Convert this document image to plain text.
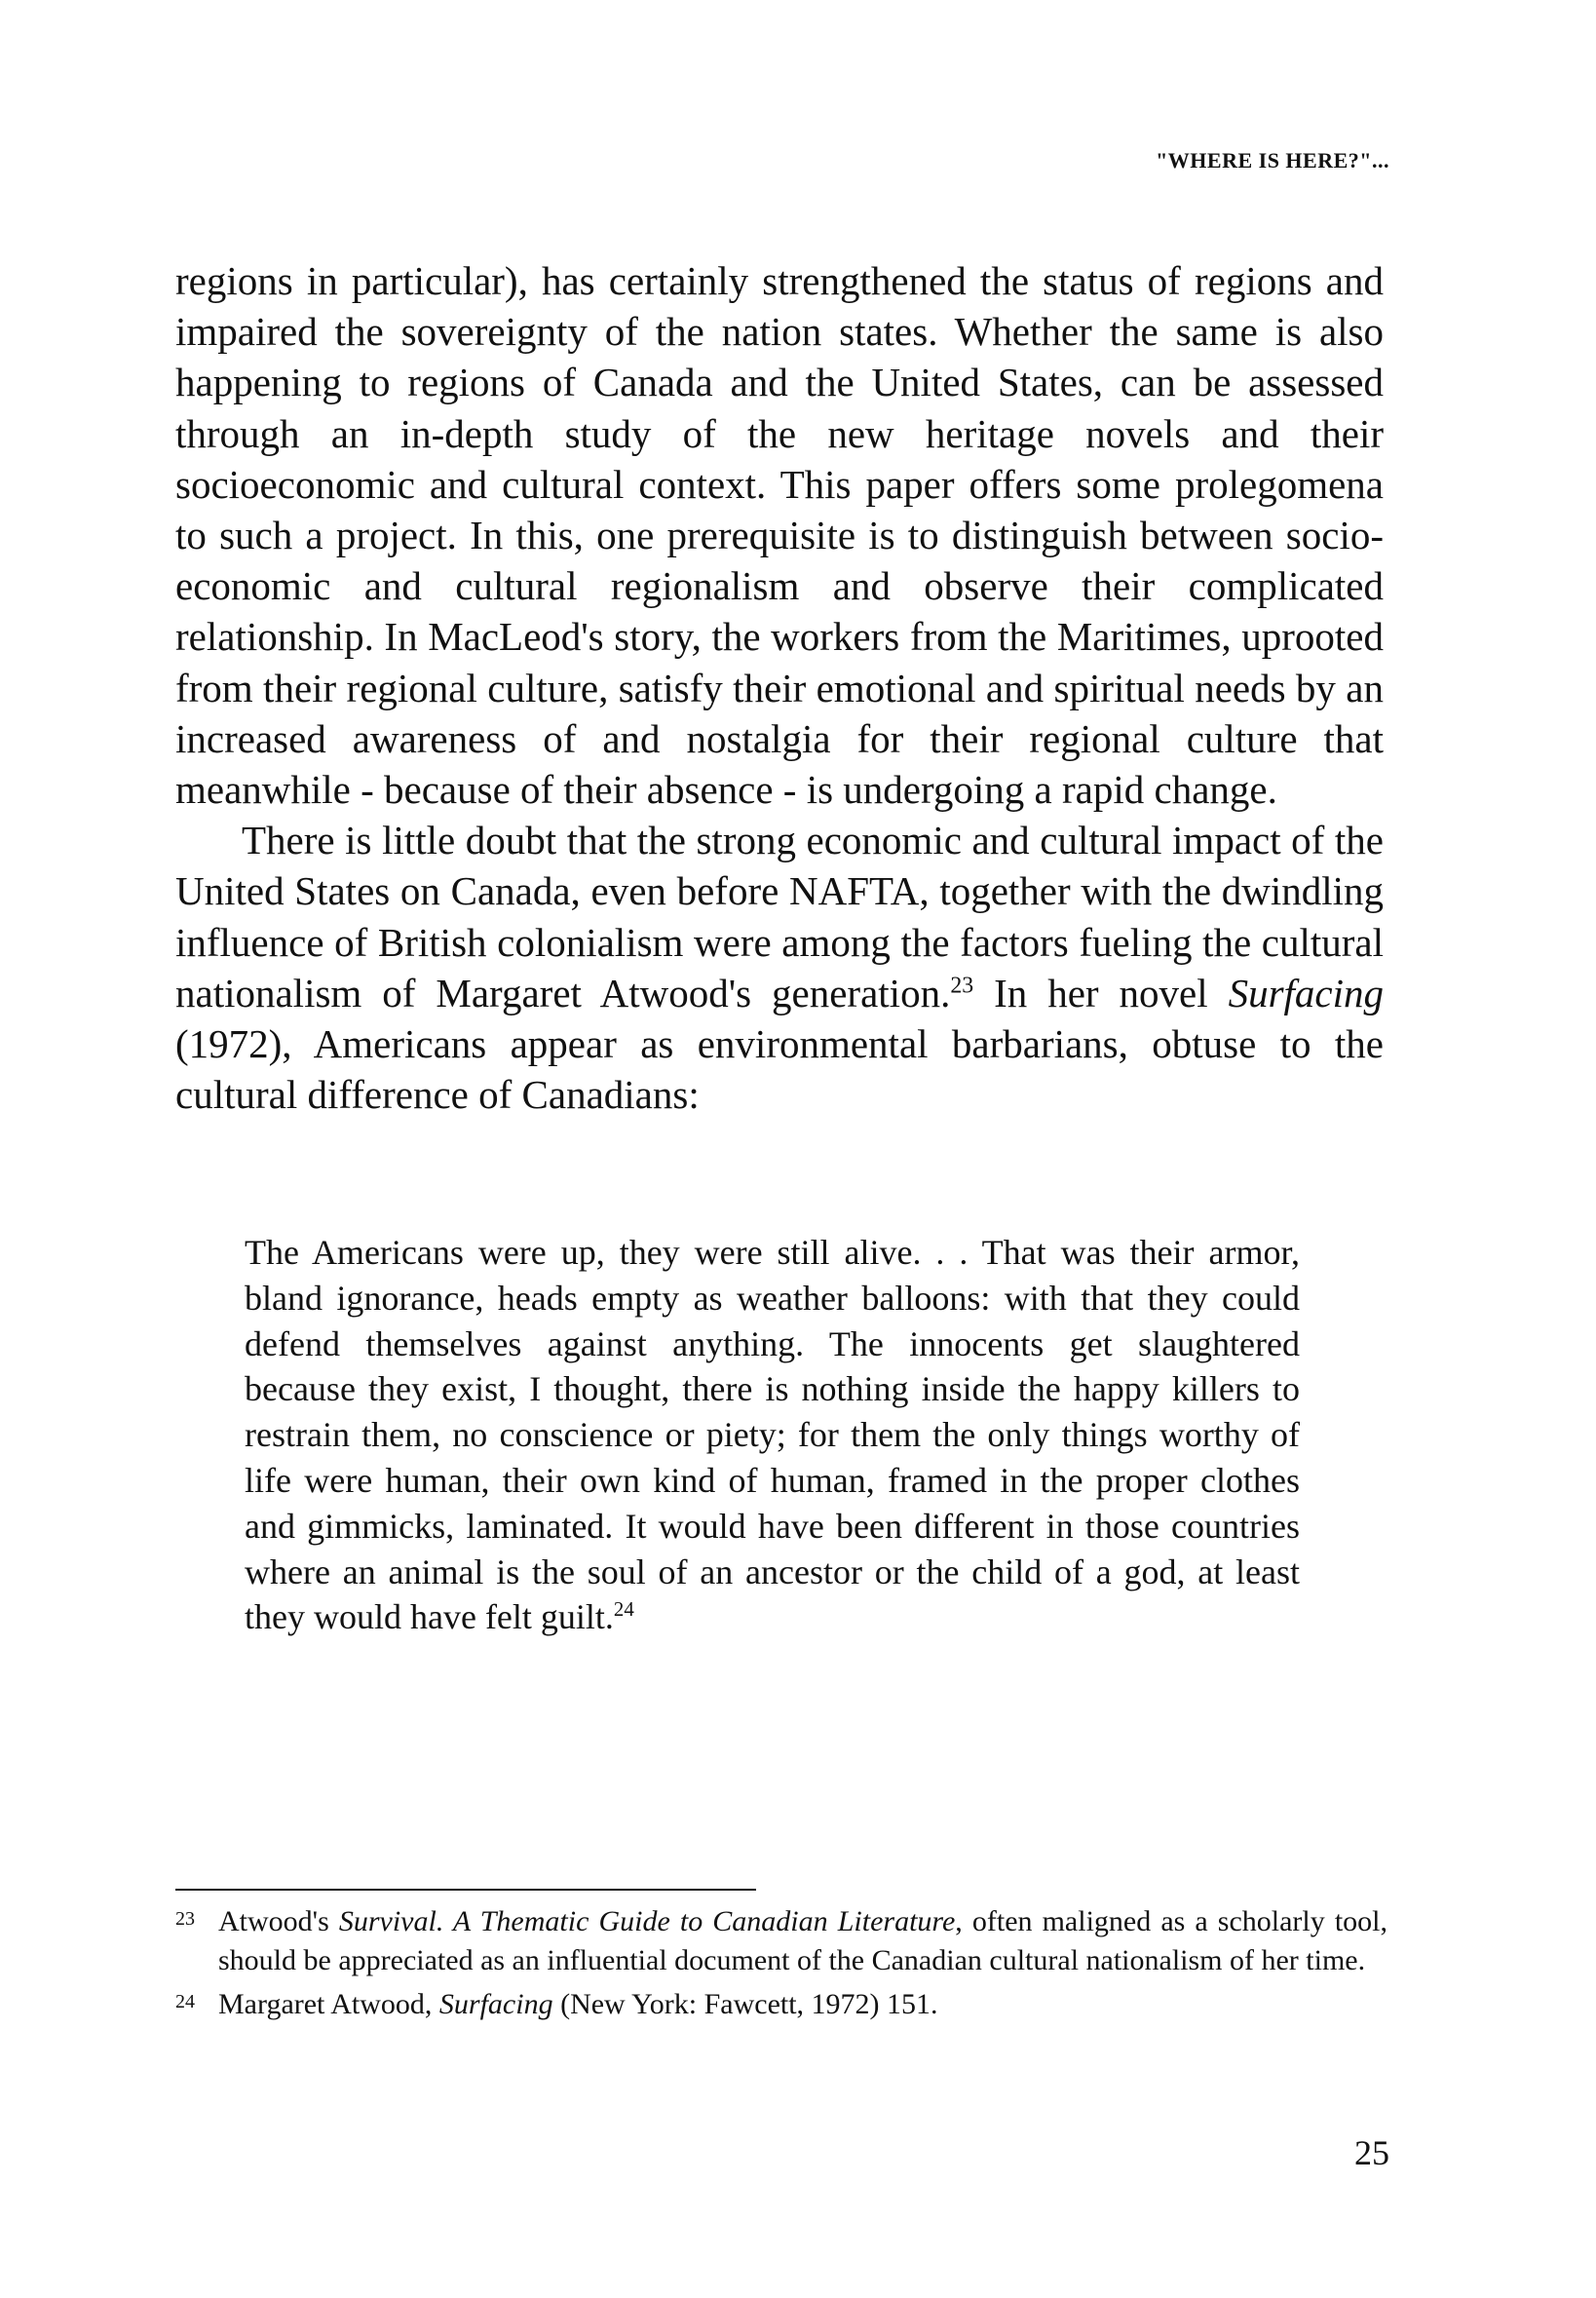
"WHERE IS HERE?"...

regions in particular), has certainly strengthened the status of regions and impaired the sovereignty of the nation states. Whether the same is also happening to regions of Canada and the United States, can be assessed through an in-depth study of the new heritage novels and their socioeconomic and cultural context. This paper offers some prolegomena to such a project. In this, one prerequisite is to distinguish between socio- economic and cultural regionalism and observe their complicated relationship. In MacLeod's story, the workers from the Maritimes, uprooted from their regional culture, satisfy their emotional and spiritual needs by an increased awareness of and nostalgia for their regional culture that meanwhile - because of their absence - is undergoing a rapid change.

There is little doubt that the strong economic and cultural impact of the United States on Canada, even before NAFTA, together with the dwindling influence of British colonialism were among the factors fueling the cultural nationalism of Margaret Atwood's generation.$^{23}$ In her novel Surfacing (1972), Americans appear as environmental barbarians, obtuse to the cultural difference of Canadians:

The Americans were up, they were still alive. . . That was their armor, bland ignorance, heads empty as weather balloons: with that they could defend themselves against anything. The innocents get slaughtered because they exist, I thought, there is nothing inside the happy killers to restrain them, no conscience or piety; for them the only things worthy of life were human, their own kind of human, framed in the proper clothes and gimmicks, laminated. It would have been different in those countries where an animal is the soul of an ancestor or the child of a god, at least they would have felt guilt.$^{24}$

23 Atwood's Survival. A Thematic Guide to Canadian Literature, often maligned as a scholarly tool, should be appreciated as an influential document of the Canadian cultural nationalism of her time.
24 Margaret Atwood, Surfacing (New York: Fawcett, 1972) 151.
25
